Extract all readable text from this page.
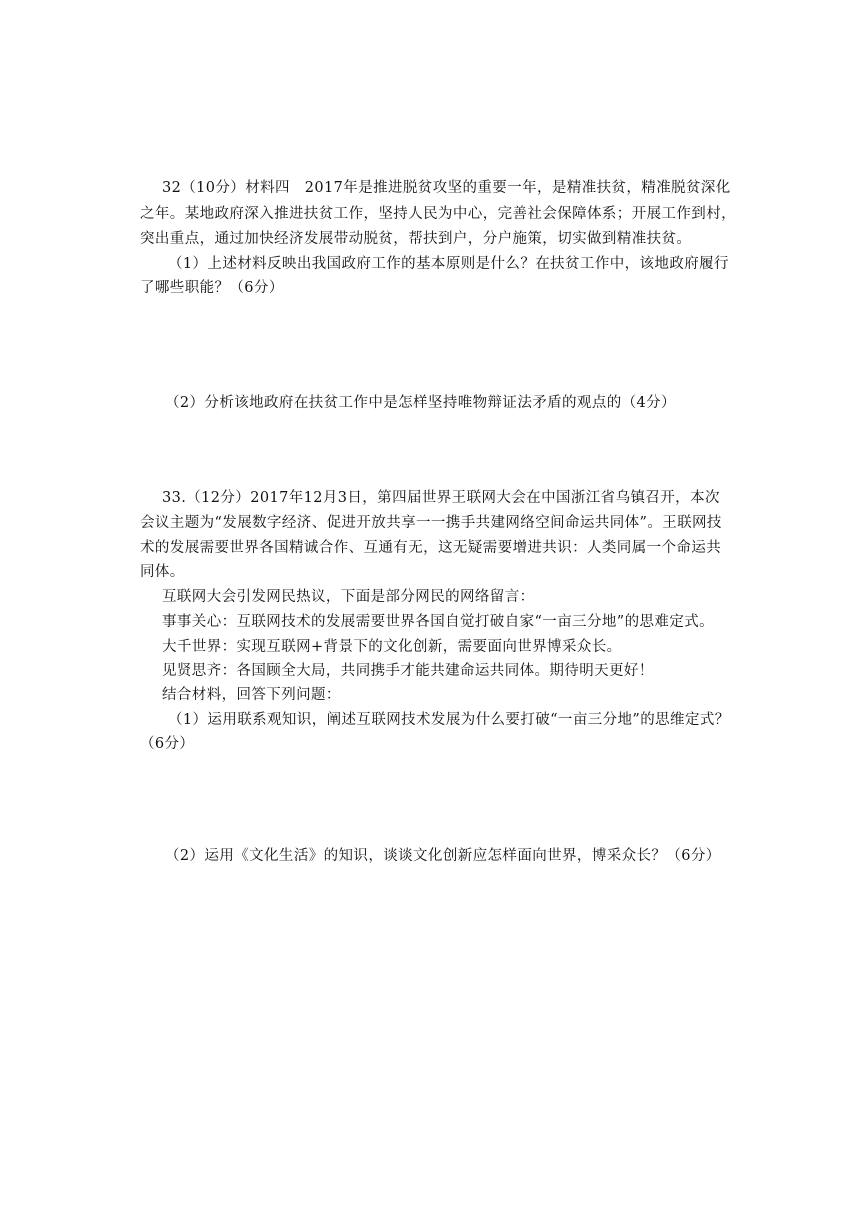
32（10分）材料四　2017年是推进脱贫攻坚的重要一年，是精准扶贫，精准脱贫深化
之年。某地政府深入推进扶贫工作，坚持人民为中心，完善社会保障体系；开展工作到村，
突出重点，通过加快经济发展带动脱贫，帮扶到户，分户施策，切实做到精准扶贫。
（1）上述材料反映出我国政府工作的基本原则是什么？在扶贫工作中，该地政府履行
了哪些职能？（6分）
（2）分析该地政府在扶贫工作中是怎样坚持唯物辩证法矛盾的观点的（4分）
33.（12分）2017年12月3日，第四届世界王联网大会在中国浙江省乌镇召开，本次
会议主题为“发展数字经济、促进开放共享一一携手共建网络空间命运共同体”。王联网技
术的发展需要世界各国精诚合作、互通有无，这无疑需要增进共识：人类同属一个命运共
同体。
互联网大会引发网民热议，下面是部分网民的网络留言：
事事关心：互联网技术的发展需要世界各国自觉打破自家“一亩三分地”的思难定式。
大千世界：实现互联网+背景下的文化创新，需要面向世界博采众长。
见贤思齐：各国顾全大局，共同携手才能共建命运共同体。期待明天更好！
结合材料，回答下列问题：
（1）运用联系观知识，阐述互联网技术发展为什么要打破“一亩三分地”的思维定式？
（6分）
（2）运用《文化生活》的知识，谈谈文化创新应怎样面向世界，博采众长？（6分）
